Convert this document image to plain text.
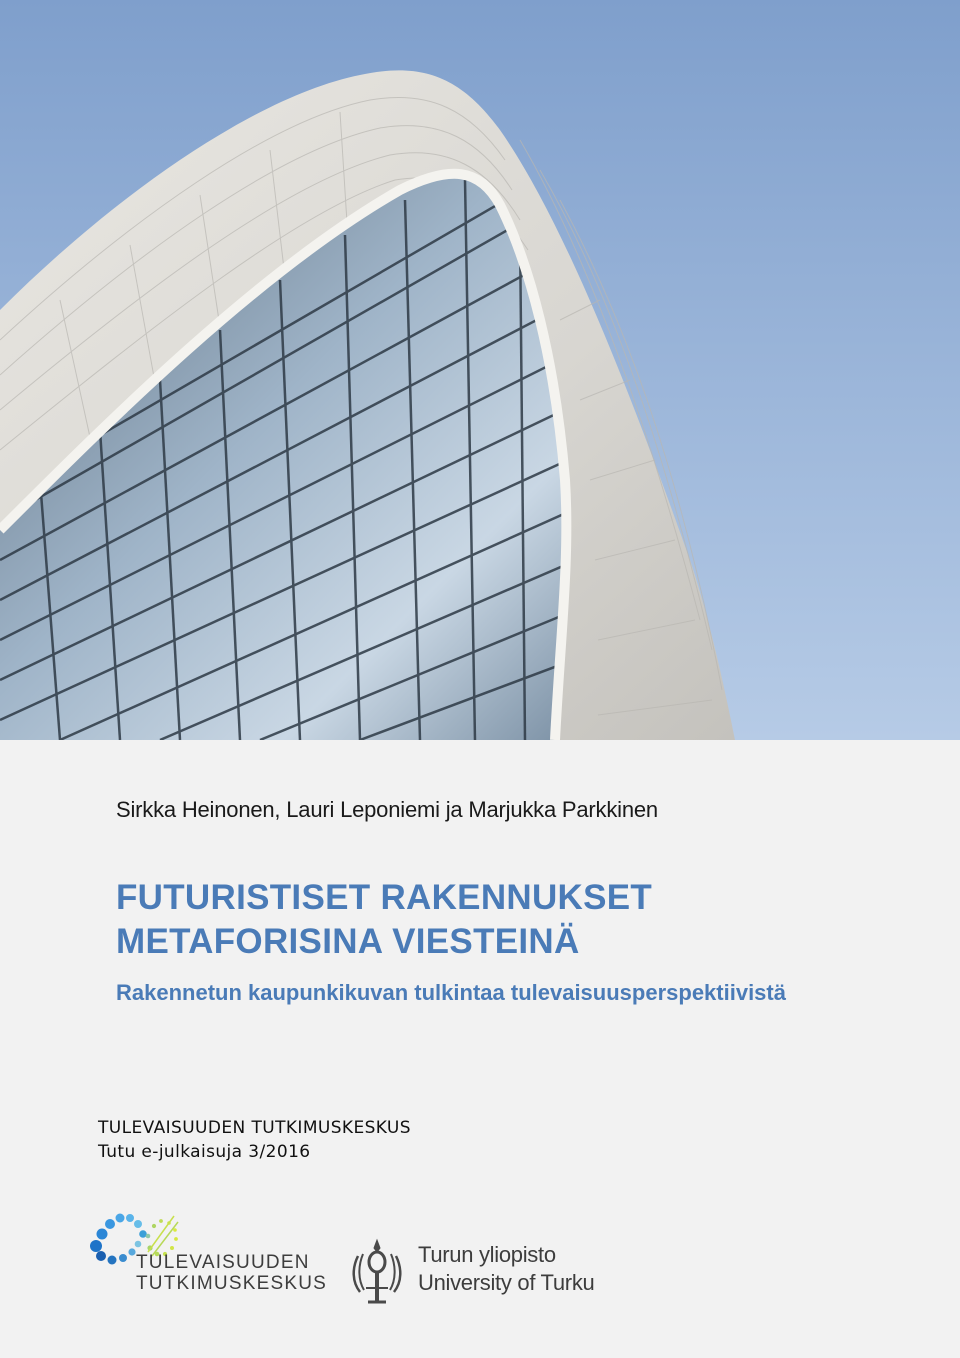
Sirkka Heinonen, Lauri Leponiemi ja Marjukka Parkkinen
FUTURISTISET RAKENNUKSET
METAFORISINA VIESTEINÄ
Rakennetun kaupunkikuvan tulkintaa tulevaisuusperspektiivistä
TULEVAISUUDEN TUTKIMUSKESKUS
Tutu e-julkaisuja 3/2016
TULEVAISUUDEN
TUTKIMUSKESKUS
Turun yliopisto
University of Turku
